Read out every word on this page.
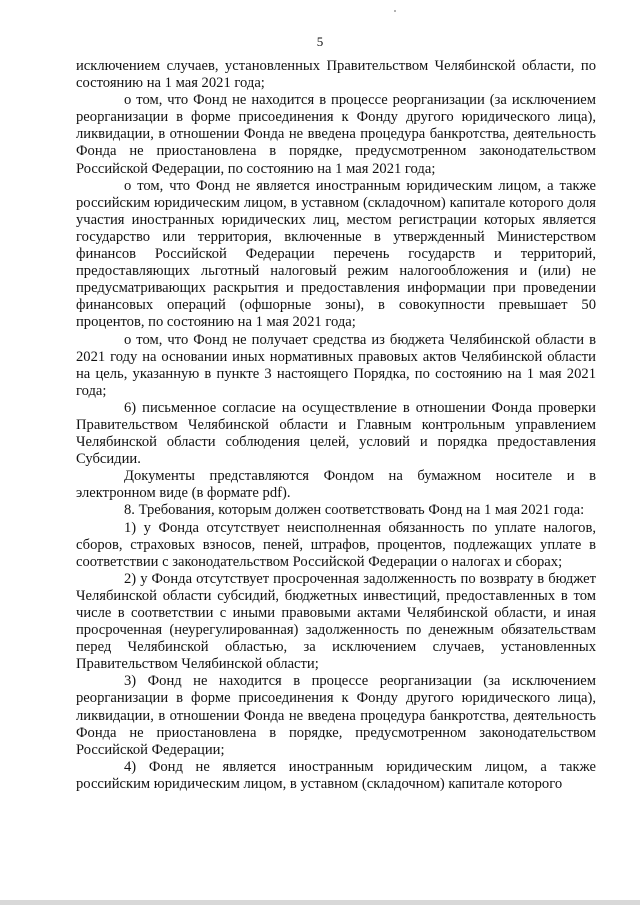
5

исключением случаев, установленных Правительством Челябинской области, по состоянию на 1 мая 2021 года;

о том, что Фонд не находится в процессе реорганизации (за исключением реорганизации в форме присоединения к Фонду другого юридического лица), ликвидации, в отношении Фонда не введена процедура банкротства, деятельность Фонда не приостановлена в порядке, предусмотренном законодательством Российской Федерации, по состоянию на 1 мая 2021 года;

о том, что Фонд не является иностранным юридическим лицом, а также российским юридическим лицом, в уставном (складочном) капитале которого доля участия иностранных юридических лиц, местом регистрации которых является государство или территория, включенные в утвержденный Министерством финансов Российской Федерации перечень государств и территорий, предоставляющих льготный налоговый режим налогообложения и (или) не предусматривающих раскрытия и предоставления информации при проведении финансовых операций (офшорные зоны), в совокупности превышает 50 процентов, по состоянию на 1 мая 2021 года;

о том, что Фонд не получает средства из бюджета Челябинской области в 2021 году на основании иных нормативных правовых актов Челябинской области на цель, указанную в пункте 3 настоящего Порядка, по состоянию на 1 мая 2021 года;

6) письменное согласие на осуществление в отношении Фонда проверки Правительством Челябинской области и Главным контрольным управлением Челябинской области соблюдения целей, условий и порядка предоставления Субсидии.

Документы представляются Фондом на бумажном носителе и в электронном виде (в формате pdf).

8. Требования, которым должен соответствовать Фонд на 1 мая 2021 года:

1) у Фонда отсутствует неисполненная обязанность по уплате налогов, сборов, страховых взносов, пеней, штрафов, процентов, подлежащих уплате в соответствии с законодательством Российской Федерации о налогах и сборах;

2) у Фонда отсутствует просроченная задолженность по возврату в бюджет Челябинской области субсидий, бюджетных инвестиций, предоставленных в том числе в соответствии с иными правовыми актами Челябинской области, и иная просроченная (неурегулированная) задолженность по денежным обязательствам перед Челябинской областью, за исключением случаев, установленных Правительством Челябинской области;

3) Фонд не находится в процессе реорганизации (за исключением реорганизации в форме присоединения к Фонду другого юридического лица), ликвидации, в отношении Фонда не введена процедура банкротства, деятельность Фонда не приостановлена в порядке, предусмотренном законодательством Российской Федерации;

4) Фонд не является иностранным юридическим лицом, а также российским юридическим лицом, в уставном (складочном) капитале которого
